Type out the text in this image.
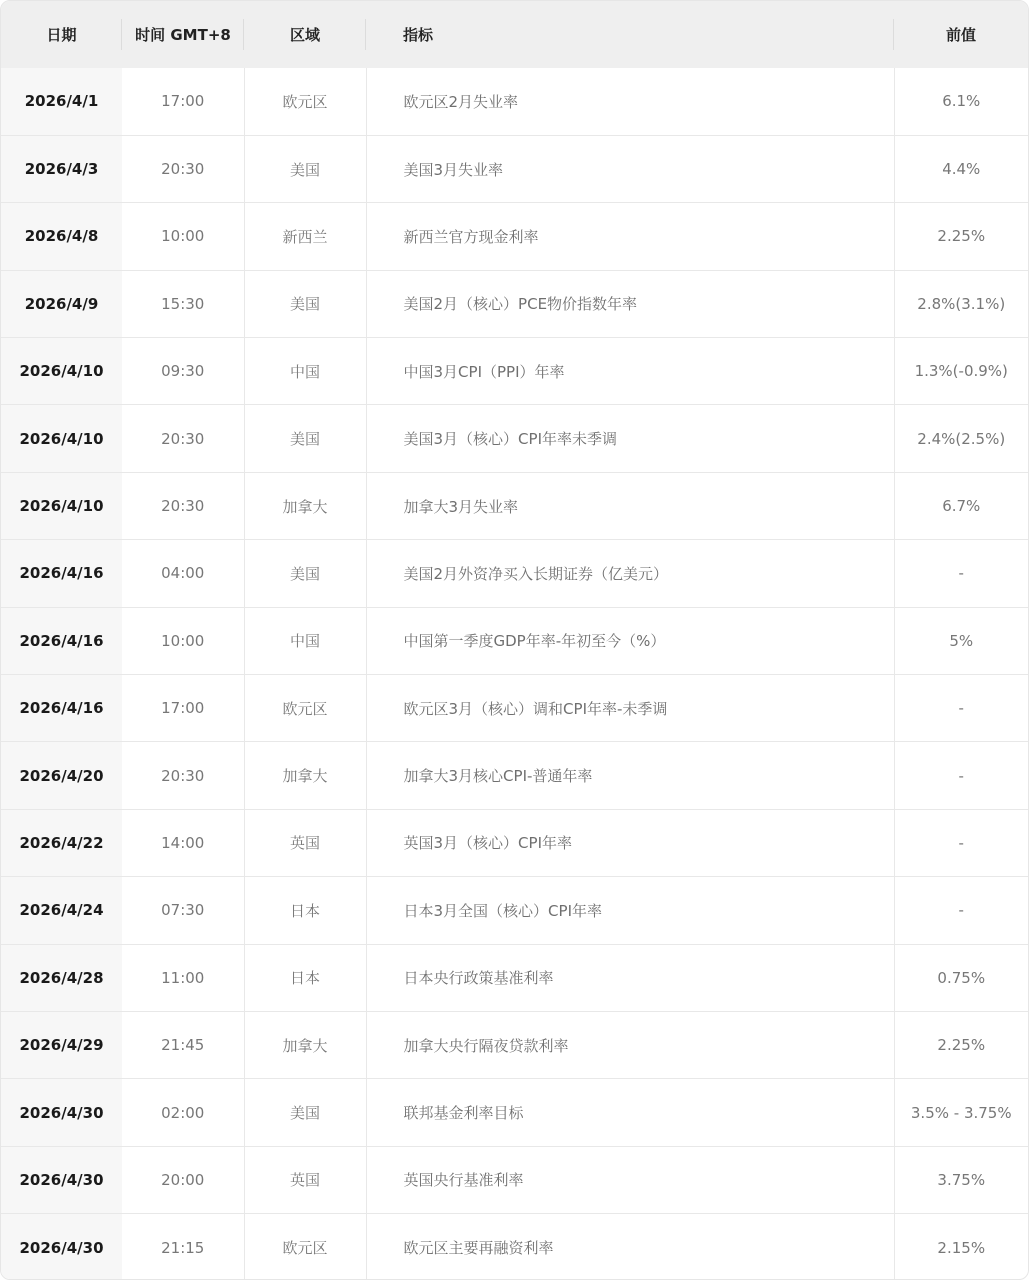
日期	时间 GMT+8	区域	指标	前值
2026/4/1	17:00	欧元区	欧元区2月失业率	6.1%
2026/4/3	20:30	美国	美国3月失业率	4.4%
2026/4/8	10:00	新西兰	新西兰官方现金利率	2.25%
2026/4/9	15:30	美国	美国2月（核心）PCE物价指数年率	2.8%(3.1%)
2026/4/10	09:30	中国	中国3月CPI（PPI）年率	1.3%(-0.9%)
2026/4/10	20:30	美国	美国3月（核心）CPI年率未季调	2.4%(2.5%)
2026/4/10	20:30	加拿大	加拿大3月失业率	6.7%
2026/4/16	04:00	美国	美国2月外资净买入长期证券（亿美元）	-
2026/4/16	10:00	中国	中国第一季度GDP年率-年初至今（%）	5%
2026/4/16	17:00	欧元区	欧元区3月（核心）调和CPI年率-未季调	-
2026/4/20	20:30	加拿大	加拿大3月核心CPI-普通年率	-
2026/4/22	14:00	英国	英国3月（核心）CPI年率	-
2026/4/24	07:30	日本	日本3月全国（核心）CPI年率	-
2026/4/28	11:00	日本	日本央行政策基准利率	0.75%
2026/4/29	21:45	加拿大	加拿大央行隔夜贷款利率	2.25%
2026/4/30	02:00	美国	联邦基金利率目标	3.5% - 3.75%
2026/4/30	20:00	英国	英国央行基准利率	3.75%
2026/4/30	21:15	欧元区	欧元区主要再融资利率	2.15%
